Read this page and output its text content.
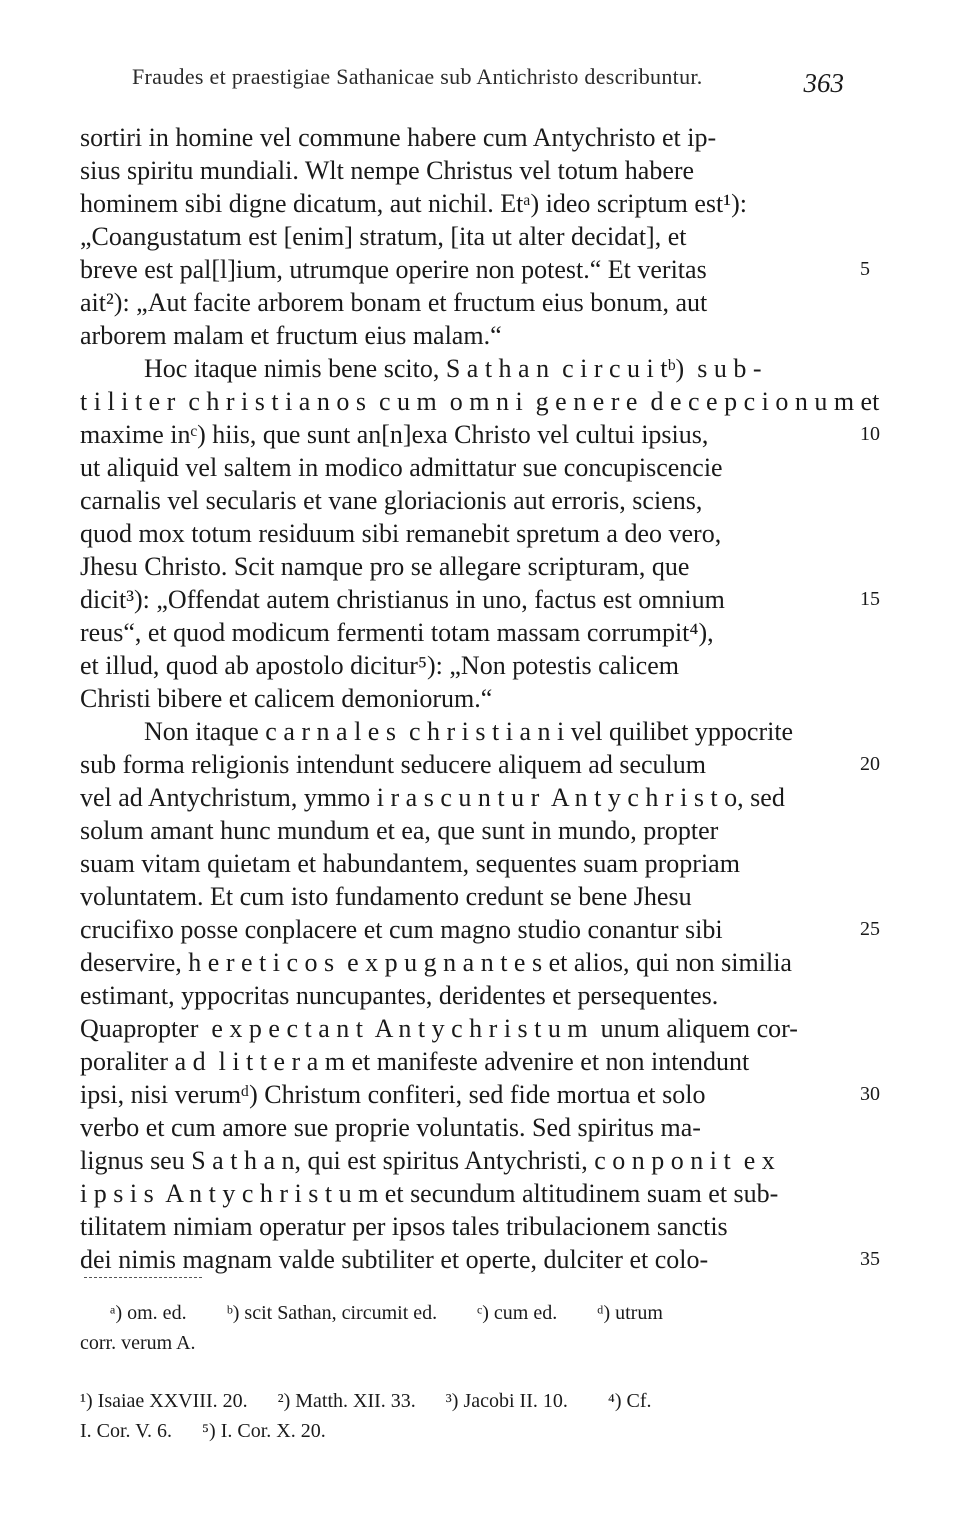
Fraudes et praestigiae Sathanicae sub Antichristo describuntur.	363
sortiri in homine vel commune habere cum Antychristo et ip-
sius spiritu mundiali. Wlt nempe Christus vel totum habere
hominem sibi digne dicatum, aut nichil. Etᵃ) ideo scriptum est¹):
„Coangustatum est [enim] stratum, [ita ut alter decidat], et
breve est pal[l]ium, utrumque operire non potest.“ Et veritas	5
ait²): „Aut facite arborem bonam et fructum eius bonum, aut
arborem malam et fructum eius malam.“
Hoc itaque nimis bene scito, S a t h a n  c i r c u i tᵇ)  s u b -
t i l i t e r  c h r i s t i a n o s  c u m  o m n i  g e n e r e  d e c e p c i o n u m et
maxime inᶜ) hiis, que sunt an[n]exa Christo vel cultui ipsius,	10
ut aliquid vel saltem in modico admittatur sue concupiscencie
carnalis vel secularis et vane gloriacionis aut erroris, sciens,
quod mox totum residuum sibi remanebit spretum a deo vero,
Jhesu Christo. Scit namque pro se allegare scripturam, que
dicit³): „Offendat autem christianus in uno, factus est omnium	15
reus“, et quod modicum fermenti totam massam corrumpit⁴),
et illud, quod ab apostolo dicitur⁵): „Non potestis calicem
Christi bibere et calicem demoniorum.“
Non itaque c a r n a l e s  c h r i s t i a n i vel quilibet yppocrite
sub forma religionis intendunt seducere aliquem ad seculum	20
vel ad Antychristum, ymmo i r a s c u n t u r  A n t y c h r i s t o, sed
solum amant hunc mundum et ea, que sunt in mundo, propter
suam vitam quietam et habundantem, sequentes suam propriam
voluntatem. Et cum isto fundamento credunt se bene Jhesu
crucifixo posse conplacere et cum magno studio conantur sibi	25
deservire, h e r e t i c o s  e x p u g n a n t e s et alios, qui non similia
estimant, yppocritas nuncupantes, deridentes et persequentes.
Quapropter  e x p e c t a n t  A n t y c h r i s t u m  unum aliquem cor-
poraliter a d  l i t t e r a m et manifeste advenire et non intendunt
ipsi, nisi verumᵈ) Christum confiteri, sed fide mortua et solo	30
verbo et cum amore sue proprie voluntatis. Sed spiritus ma-
lignus seu S a t h a n, qui est spiritus Antychristi, c o n p o n i t  e x
i p s i s  A n t y c h r i s t u m et secundum altitudinem suam et sub-
tilitatem nimiam operatur per ipsos tales tribulacionem sanctis
dei nimis magnam valde subtiliter et operte, dulciter et colo-	35
ᵃ) om. ed.        ᵇ) scit Sathan, circumit ed.        ᶜ) cum ed.        ᵈ) utrum
corr. verum A.
¹) Isaiae XXVIII. 20.      ²) Matth. XII. 33.      ³) Jacobi II. 10.        ⁴) Cf.
I. Cor. V. 6.      ⁵) I. Cor. X. 20.
